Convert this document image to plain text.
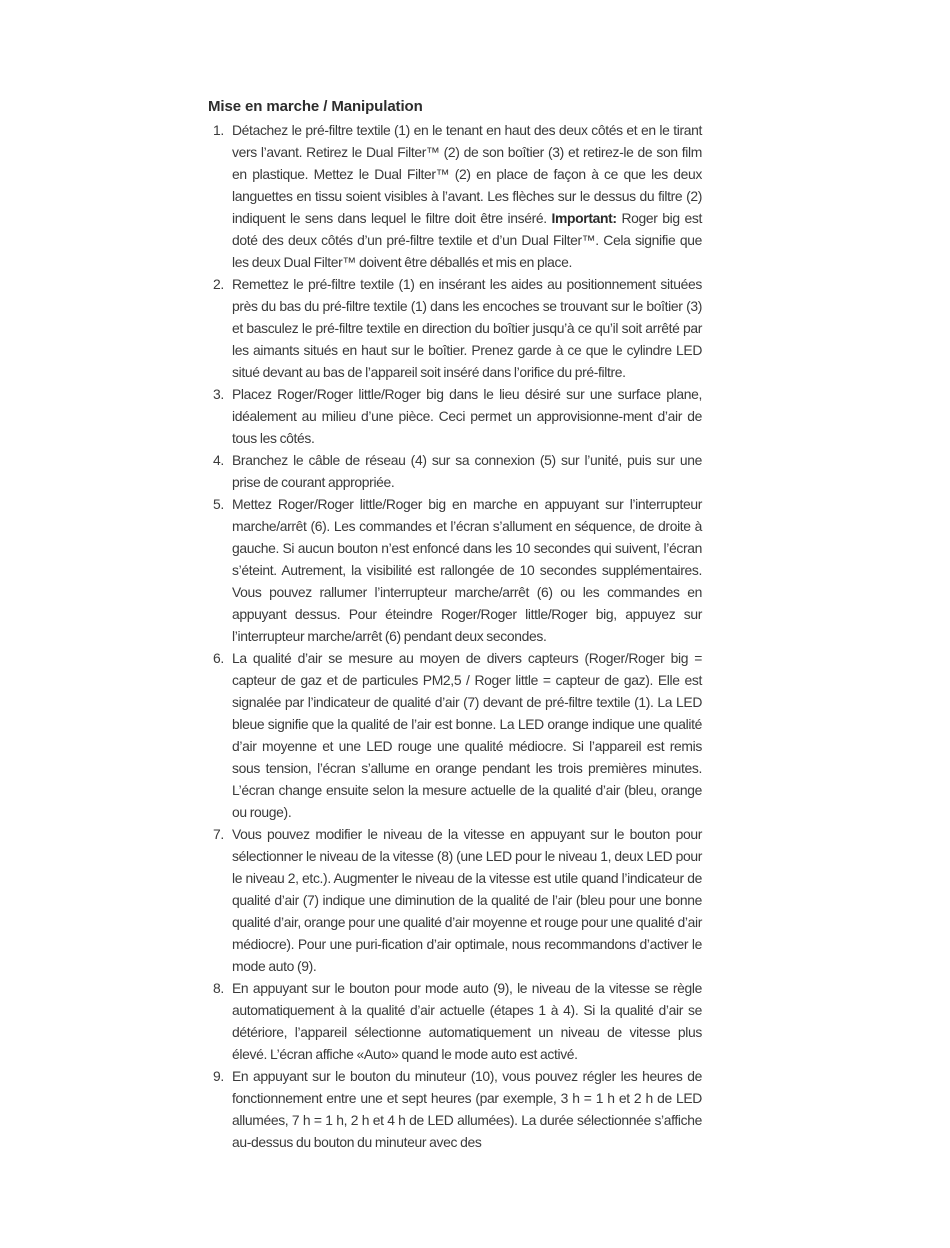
Mise en marche / Manipulation
1. Détachez le pré-filtre textile (1) en le tenant en haut des deux côtés et en le tirant vers l’avant. Retirez le Dual Filter™ (2) de son boîtier (3) et retirez-le de son film en plastique. Mettez le Dual Filter™ (2) en place de façon à ce que les deux languettes en tissu soient visibles à l’avant. Les flèches sur le dessus du filtre (2) indiquent le sens dans lequel le filtre doit être inséré. Important: Roger big est doté des deux côtés d’un pré-filtre textile et d’un Dual Filter™. Cela signifie que les deux Dual Filter™ doivent être déballés et mis en place.
2. Remettez le pré-filtre textile (1) en insérant les aides au positionnement situées près du bas du pré-filtre textile (1) dans les encoches se trouvant sur le boîtier (3) et basculez le pré-filtre textile en direction du boîtier jusqu’à ce qu’il soit arrêté par les aimants situés en haut sur le boîtier. Prenez garde à ce que le cylindre LED situé devant au bas de l’appareil soit inséré dans l’orifice du pré-filtre.
3. Placez Roger/Roger little/Roger big dans le lieu désiré sur une surface plane, idéalement au milieu d’une pièce. Ceci permet un approvisionne-ment d’air de tous les côtés.
4. Branchez le câble de réseau (4) sur sa connexion (5) sur l’unité, puis sur une prise de courant appropriée.
5. Mettez Roger/Roger little/Roger big en marche en appuyant sur l’interrupteur marche/arrêt (6). Les commandes et l’écran s’allument en séquence, de droite à gauche. Si aucun bouton n’est enfoncé dans les 10 secondes qui suivent, l’écran s’éteint. Autrement, la visibilité est rallongée de 10 secondes supplémentaires. Vous pouvez rallumer l’interrupteur marche/arrêt (6) ou les commandes en appuyant dessus. Pour éteindre Roger/Roger little/Roger big, appuyez sur l’interrupteur marche/arrêt (6) pendant deux secondes.
6. La qualité d’air se mesure au moyen de divers capteurs (Roger/Roger big = capteur de gaz et de particules PM2,5 / Roger little = capteur de gaz). Elle est signalée par l’indicateur de qualité d’air (7) devant de pré-filtre textile (1). La LED bleue signifie que la qualité de l’air est bonne. La LED orange indique une qualité d’air moyenne et une LED rouge une qualité médiocre. Si l’appareil est remis sous tension, l’écran s’allume en orange pendant les trois premières minutes. L’écran change ensuite selon la mesure actuelle de la qualité d’air (bleu, orange ou rouge).
7. Vous pouvez modifier le niveau de la vitesse en appuyant sur le bouton pour sélectionner le niveau de la vitesse (8) (une LED pour le niveau 1, deux LED pour le niveau 2, etc.). Augmenter le niveau de la vitesse est utile quand l’indicateur de qualité d’air (7) indique une diminution de la qualité de l’air (bleu pour une bonne qualité d’air, orange pour une qualité d’air moyenne et rouge pour une qualité d’air médiocre). Pour une puri-fication d’air optimale, nous recommandons d’activer le mode auto (9).
8. En appuyant sur le bouton pour mode auto (9), le niveau de la vitesse se règle automatiquement à la qualité d’air actuelle (étapes 1 à 4). Si la qualité d’air se détériore, l’appareil sélectionne automatiquement un niveau de vitesse plus élevé. L’écran affiche «Auto» quand le mode auto est activé.
9. En appuyant sur le bouton du minuteur (10), vous pouvez régler les heures de fonctionnement entre une et sept heures (par exemple, 3 h = 1 h et 2 h de LED allumées, 7 h = 1 h, 2 h et 4 h de LED allumées). La durée sélectionnée s’affiche au-dessus du bouton du minuteur avec des
